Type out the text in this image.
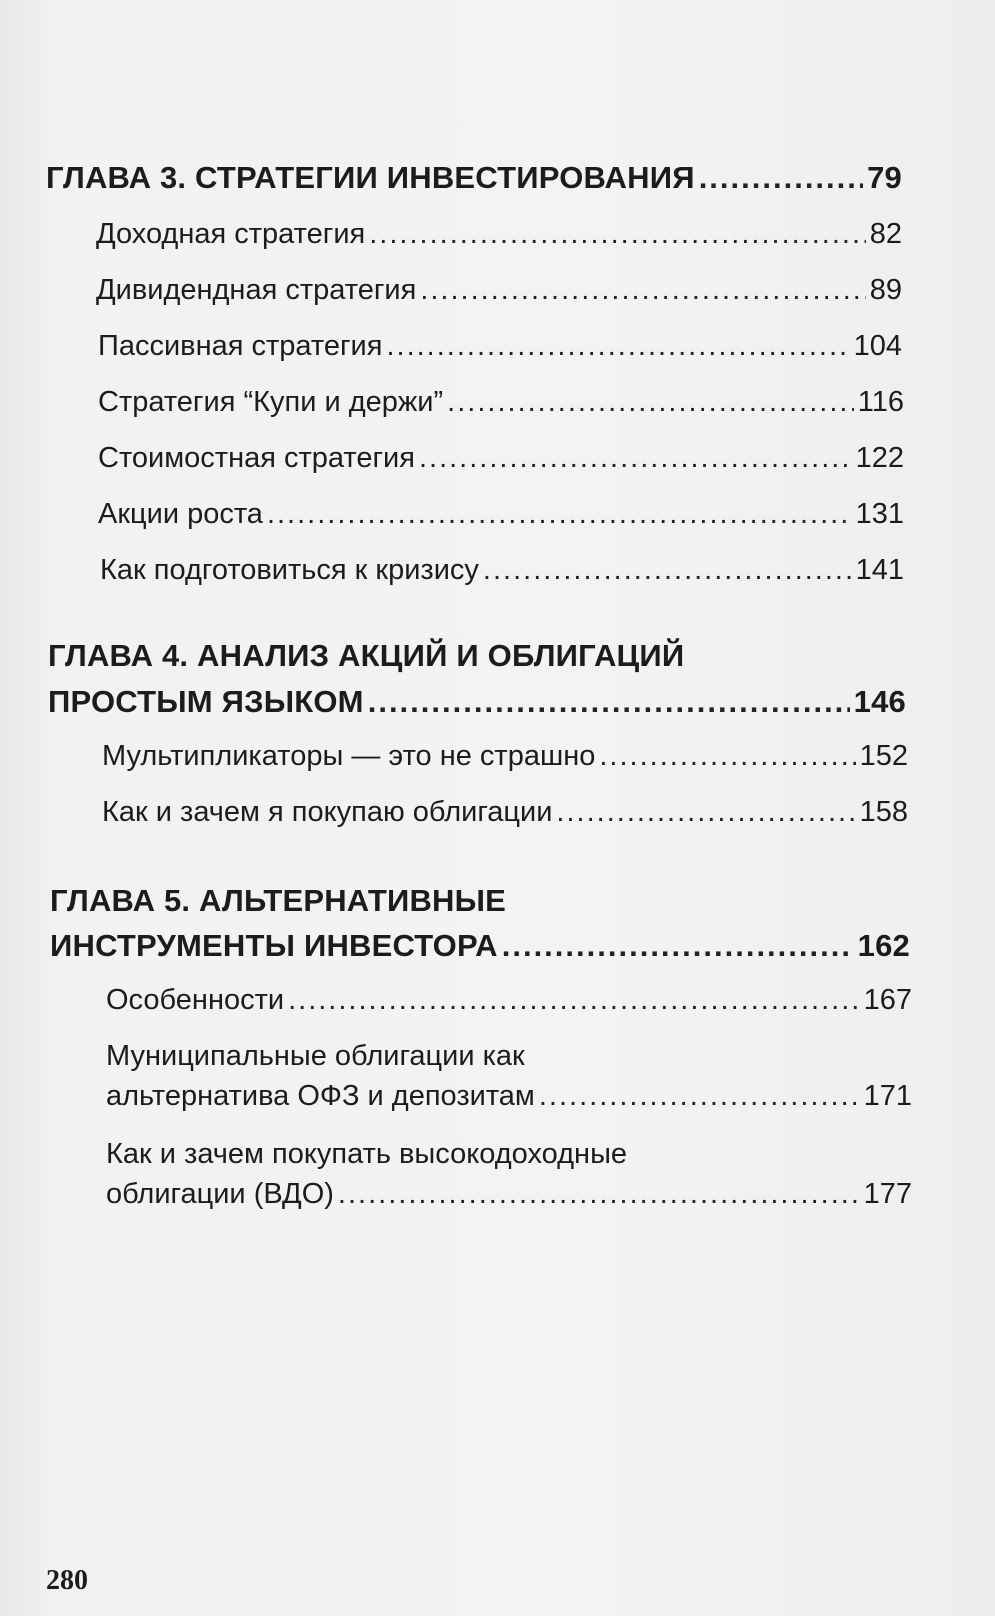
ГЛАВА 3. СТРАТЕГИИ ИНВЕСТИРОВАНИЯ .....	79
Доходная стратегия .....	82
Дивидендная стратегия .....	89
Пассивная стратегия .....	104
Стратегия “Купи и держи” .....	116
Стоимостная стратегия .....	122
Акции роста .....	131
Как подготовиться к кризису .....	141
ГЛАВА 4. АНАЛИЗ АКЦИЙ И ОБЛИГАЦИЙ
ПРОСТЫМ ЯЗЫКОМ .....	146
Мультипликаторы — это не страшно .....	152
Как и зачем я покупаю облигации .....	158
ГЛАВА 5. АЛЬТЕРНАТИВНЫЕ
ИНСТРУМЕНТЫ ИНВЕСТОРА .....	162
Особенности .....	167
Муниципальные облигации как
альтернатива ОФЗ и депозитам .....	171
Как и зачем покупать высокодоходные
облигации (ВДО) .....	177
280
